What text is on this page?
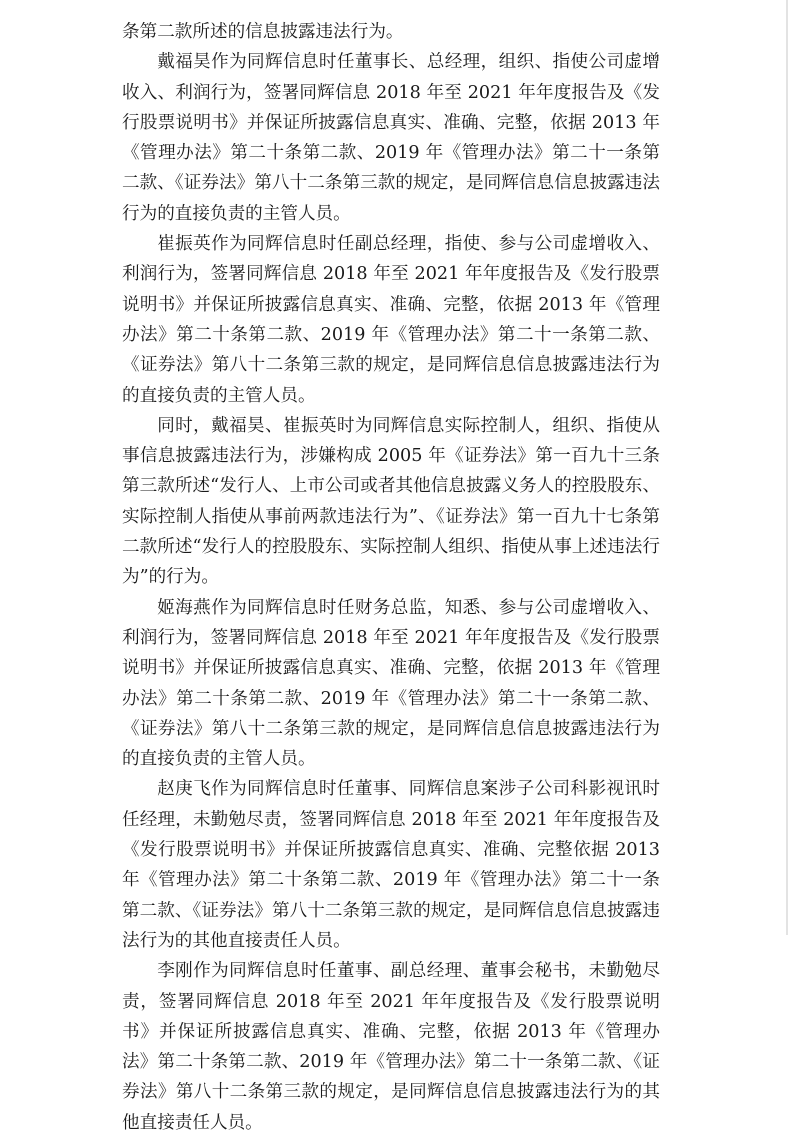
条第二款所述的信息披露违法行为。

戴福昊作为同辉信息时任董事长、总经理，组织、指使公司虚增收入、利润行为，签署同辉信息 2018 年至 2021 年年度报告及《发行股票说明书》并保证所披露信息真实、准确、完整，依据 2013 年《管理办法》第二十条第二款、2019 年《管理办法》第二十一条第二款、《证券法》第八十二条第三款的规定，是同辉信息信息披露违法行为的直接负责的主管人员。

崔振英作为同辉信息时任副总经理，指使、参与公司虚增收入、利润行为，签署同辉信息 2018 年至 2021 年年度报告及《发行股票说明书》并保证所披露信息真实、准确、完整，依据 2013 年《管理办法》第二十条第二款、2019 年《管理办法》第二十一条第二款、《证券法》第八十二条第三款的规定，是同辉信息信息披露违法行为的直接负责的主管人员。

同时，戴福昊、崔振英时为同辉信息实际控制人，组织、指使从事信息披露违法行为，涉嫌构成 2005 年《证券法》第一百九十三条第三款所述“发行人、上市公司或者其他信息披露义务人的控股股东、实际控制人指使从事前两款违法行为”、《证券法》第一百九十七条第二款所述“发行人的控股股东、实际控制人组织、指使从事上述违法行为”的行为。

姬海燕作为同辉信息时任财务总监，知悉、参与公司虚增收入、利润行为，签署同辉信息 2018 年至 2021 年年度报告及《发行股票说明书》并保证所披露信息真实、准确、完整，依据 2013 年《管理办法》第二十条第二款、2019 年《管理办法》第二十一条第二款、《证券法》第八十二条第三款的规定，是同辉信息信息披露违法行为的直接负责的主管人员。

赵庚飞作为同辉信息时任董事、同辉信息案涉子公司科影视讯时任经理，未勤勉尽责，签署同辉信息 2018 年至 2021 年年度报告及《发行股票说明书》并保证所披露信息真实、准确、完整依据 2013 年《管理办法》第二十条第二款、2019 年《管理办法》第二十一条第二款、《证券法》第八十二条第三款的规定，是同辉信息信息披露违法行为的其他直接责任人员。

李刚作为同辉信息时任董事、副总经理、董事会秘书，未勤勉尽责，签署同辉信息 2018 年至 2021 年年度报告及《发行股票说明书》并保证所披露信息真实、准确、完整，依据 2013 年《管理办法》第二十条第二款、2019 年《管理办法》第二十一条第二款、《证券法》第八十二条第三款的规定，是同辉信息信息披露违法行为的其他直接责任人员。
